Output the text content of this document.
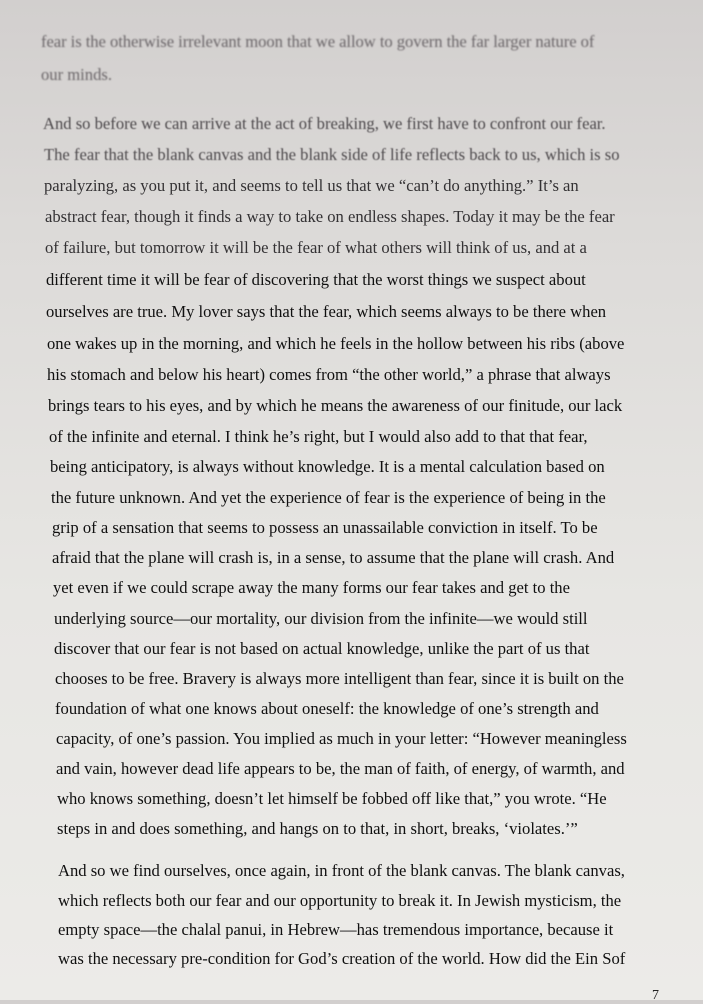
fear is the otherwise irrelevant moon that we allow to govern the far larger nature of
our minds.
And so before we can arrive at the act of breaking, we first have to confront our fear.
The fear that the blank canvas and the blank side of life reflects back to us, which is so
paralyzing, as you put it, and seems to tell us that we “can’t do anything.” It’s an
abstract fear, though it finds a way to take on endless shapes. Today it may be the fear
of failure, but tomorrow it will be the fear of what others will think of us, and at a
different time it will be fear of discovering that the worst things we suspect about
ourselves are true. My lover says that the fear, which seems always to be there when
one wakes up in the morning, and which he feels in the hollow between his ribs (above
his stomach and below his heart) comes from “the other world,” a phrase that always
brings tears to his eyes, and by which he means the awareness of our finitude, our lack
of the infinite and eternal. I think he’s right, but I would also add to that that fear,
being anticipatory, is always without knowledge. It is a mental calculation based on
the future unknown. And yet the experience of fear is the experience of being in the
grip of a sensation that seems to possess an unassailable conviction in itself. To be
afraid that the plane will crash is, in a sense, to assume that the plane will crash. And
yet even if we could scrape away the many forms our fear takes and get to the
underlying source—our mortality, our division from the infinite—we would still
discover that our fear is not based on actual knowledge, unlike the part of us that
chooses to be free. Bravery is always more intelligent than fear, since it is built on the
foundation of what one knows about oneself: the knowledge of one’s strength and
capacity, of one’s passion. You implied as much in your letter: “However meaningless
and vain, however dead life appears to be, the man of faith, of energy, of warmth, and
who knows something, doesn’t let himself be fobbed off like that,” you wrote. “He
steps in and does something, and hangs on to that, in short, breaks, ‘violates.’”
And so we find ourselves, once again, in front of the blank canvas. The blank canvas,
which reflects both our fear and our opportunity to break it. In Jewish mysticism, the
empty space—the chalal panui, in Hebrew—has tremendous importance, because it
was the necessary pre-condition for God’s creation of the world. How did the Ein Sof
7
